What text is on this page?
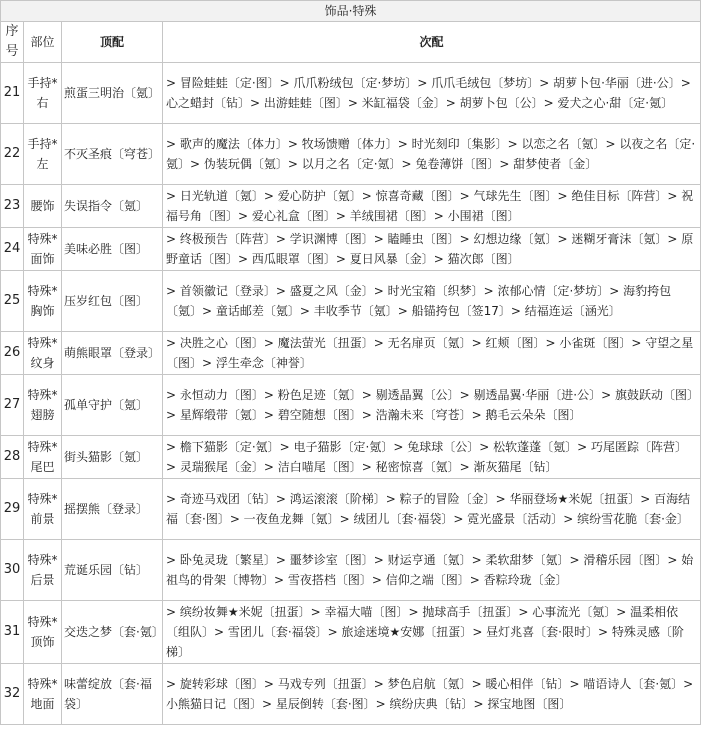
饰品·特殊			
序号	部位	顶配	次配
21	手持*右	煎蛋三明治〔氪〕	> 冒险蛙蛙〔定·图〕> 爪爪粉绒包〔定·梦坊〕> 爪爪毛绒包〔梦坊〕> 胡萝卜包·华丽〔进·公〕> 心之蜡封〔钻〕> 出游蛙蛙〔图〕> 米缸福袋〔金〕> 胡萝卜包〔公〕> 爱犬之心·甜〔定·氪〕
22	手持*左	不灭圣痕〔穹苍〕	> 歌声的魔法〔体力〕> 牧场馈赠〔体力〕> 时光刻印〔集影〕> 以恋之名〔氪〕> 以夜之名〔定·氪〕> 伪装玩偶〔氪〕> 以月之名〔定·氪〕> 兔卷薄饼〔图〕> 甜梦使者〔金〕
23	腰饰	失误指令〔氪〕	> 日光轨道〔氪〕> 爱心防护〔氪〕> 惊喜奇藏〔图〕> 气球先生〔图〕> 绝佳目标〔阵营〕> 祝福号角〔图〕> 爱心礼盒〔图〕> 羊绒围裙〔图〕> 小围裙〔图〕
24	特殊*面饰	美味必胜〔图〕	> 终极预告〔阵营〕> 学识渊博〔图〕> 瞌睡虫〔图〕> 幻想边缘〔氪〕> 迷糊牙膏沫〔氪〕> 原野童话〔图〕> 西瓜眼罩〔图〕> 夏日风暴〔金〕> 猫次郎〔图〕
25	特殊*胸饰	压岁红包〔图〕	> 首领徽记〔登录〕> 盛夏之风〔金〕> 时光宝箱〔织梦〕> 浓郁心情〔定·梦坊〕> 海豹挎包〔氪〕> 童话邮差〔氪〕> 丰收季节〔氪〕> 船锚挎包〔签17〕> 结福连运〔涵光〕
26	特殊*纹身	萌熊眼罩〔登录〕	> 决胜之心〔图〕> 魔法萤光〔扭蛋〕> 无名扉页〔氪〕> 红颊〔图〕> 小雀斑〔图〕> 守望之星〔图〕> 浮生牵念〔神誉〕
27	特殊*翅膀	孤单守护〔氪〕	> 永恒动力〔图〕> 粉色足迹〔氪〕> 剔透晶翼〔公〕> 剔透晶翼·华丽〔进·公〕> 旗鼓跃动〔图〕> 星辉缎带〔氪〕> 碧空随想〔图〕> 浩瀚未来〔穹苍〕> 鹅毛云朵朵〔图〕
28	特殊*尾巴	街头猫影〔氪〕	> 檐下猫影〔定·氪〕> 电子猫影〔定·氪〕> 兔球球〔公〕> 松软蓬蓬〔氪〕> 巧尾匿踪〔阵营〕> 灵瑞猴尾〔金〕> 洁白喵尾〔图〕> 秘密惊喜〔氪〕> 渐灰猫尾〔钻〕
29	特殊*前景	摇摆熊〔登录〕	> 奇迹马戏团〔钻〕> 鸿运滚滚〔阶梯〕> 粽子的冒险〔金〕> 华丽登场★米妮〔扭蛋〕> 百海结福〔套·图〕> 一夜鱼龙舞〔氪〕> 绒团儿〔套·福袋〕> 霓光盛景〔活动〕> 缤纷雪花脆〔套·金〕
30	特殊*后景	荒诞乐园〔钻〕	> 卧兔灵珑〔繁星〕> 噩梦诊室〔图〕> 财运亨通〔氪〕> 柔软甜梦〔氪〕> 滑稽乐园〔图〕> 始祖鸟的骨架〔博物〕> 雪夜搭档〔图〕> 信仰之端〔图〕> 香粽玲珑〔金〕
31	特殊*顶饰	交迭之梦〔套·氪〕	> 缤纷妆舞★米妮〔扭蛋〕> 幸福大喵〔图〕> 抛球高手〔扭蛋〕> 心事流光〔氪〕> 温柔相依〔组队〕> 雪团儿〔套·福袋〕> 旅途迷境★安娜〔扭蛋〕> 昼灯兆喜〔套·限时〕> 特殊灵感〔阶梯〕
32	特殊*地面	味蕾绽放〔套·福袋〕	> 旋转彩球〔图〕> 马戏专列〔扭蛋〕> 梦色启航〔氪〕> 暖心相伴〔钻〕> 喵语诗人〔套·氪〕> 小熊猫日记〔图〕> 星辰倒转〔套·图〕> 缤纷庆典〔钻〕> 探宝地图〔图〕
